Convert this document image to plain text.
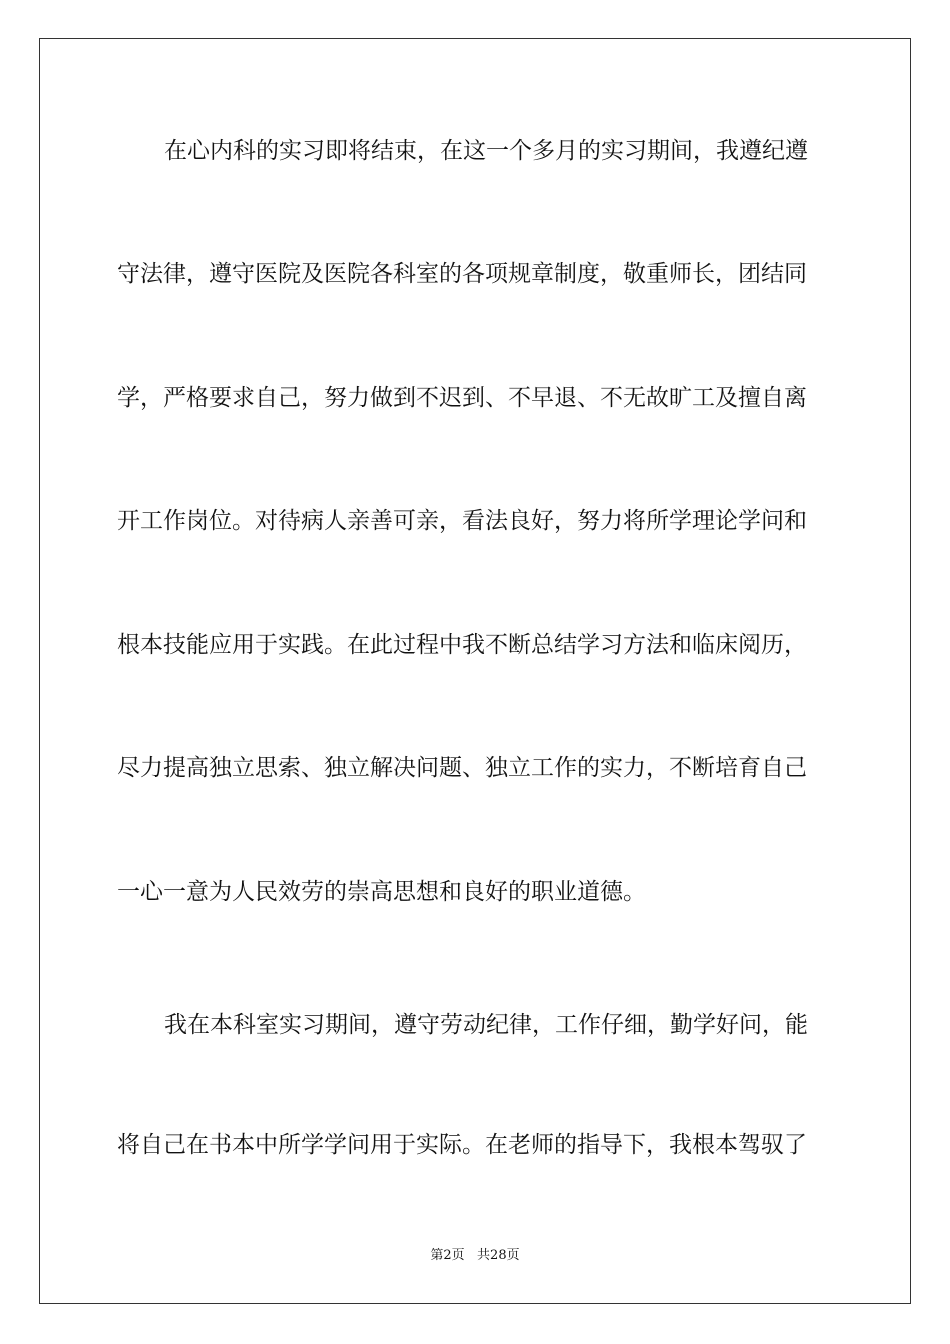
在心内科的实习即将结束，在这一个多月的实习期间，我遵纪遵
守法律，遵守医院及医院各科室的各项规章制度，敬重师长，团结同
学，严格要求自己，努力做到不迟到、不早退、不无故旷工及擅自离
开工作岗位。对待病人亲善可亲，看法良好，努力将所学理论学问和
根本技能应用于实践。在此过程中我不断总结学习方法和临床阅历，
尽力提高独立思索、独立解决问题、独立工作的实力，不断培育自己
一心一意为人民效劳的崇高思想和良好的职业道德。
我在本科室实习期间，遵守劳动纪律，工作仔细，勤学好问，能
将自己在书本中所学学问用于实际。在老师的指导下，我根本驾驭了
第2页   共28页
